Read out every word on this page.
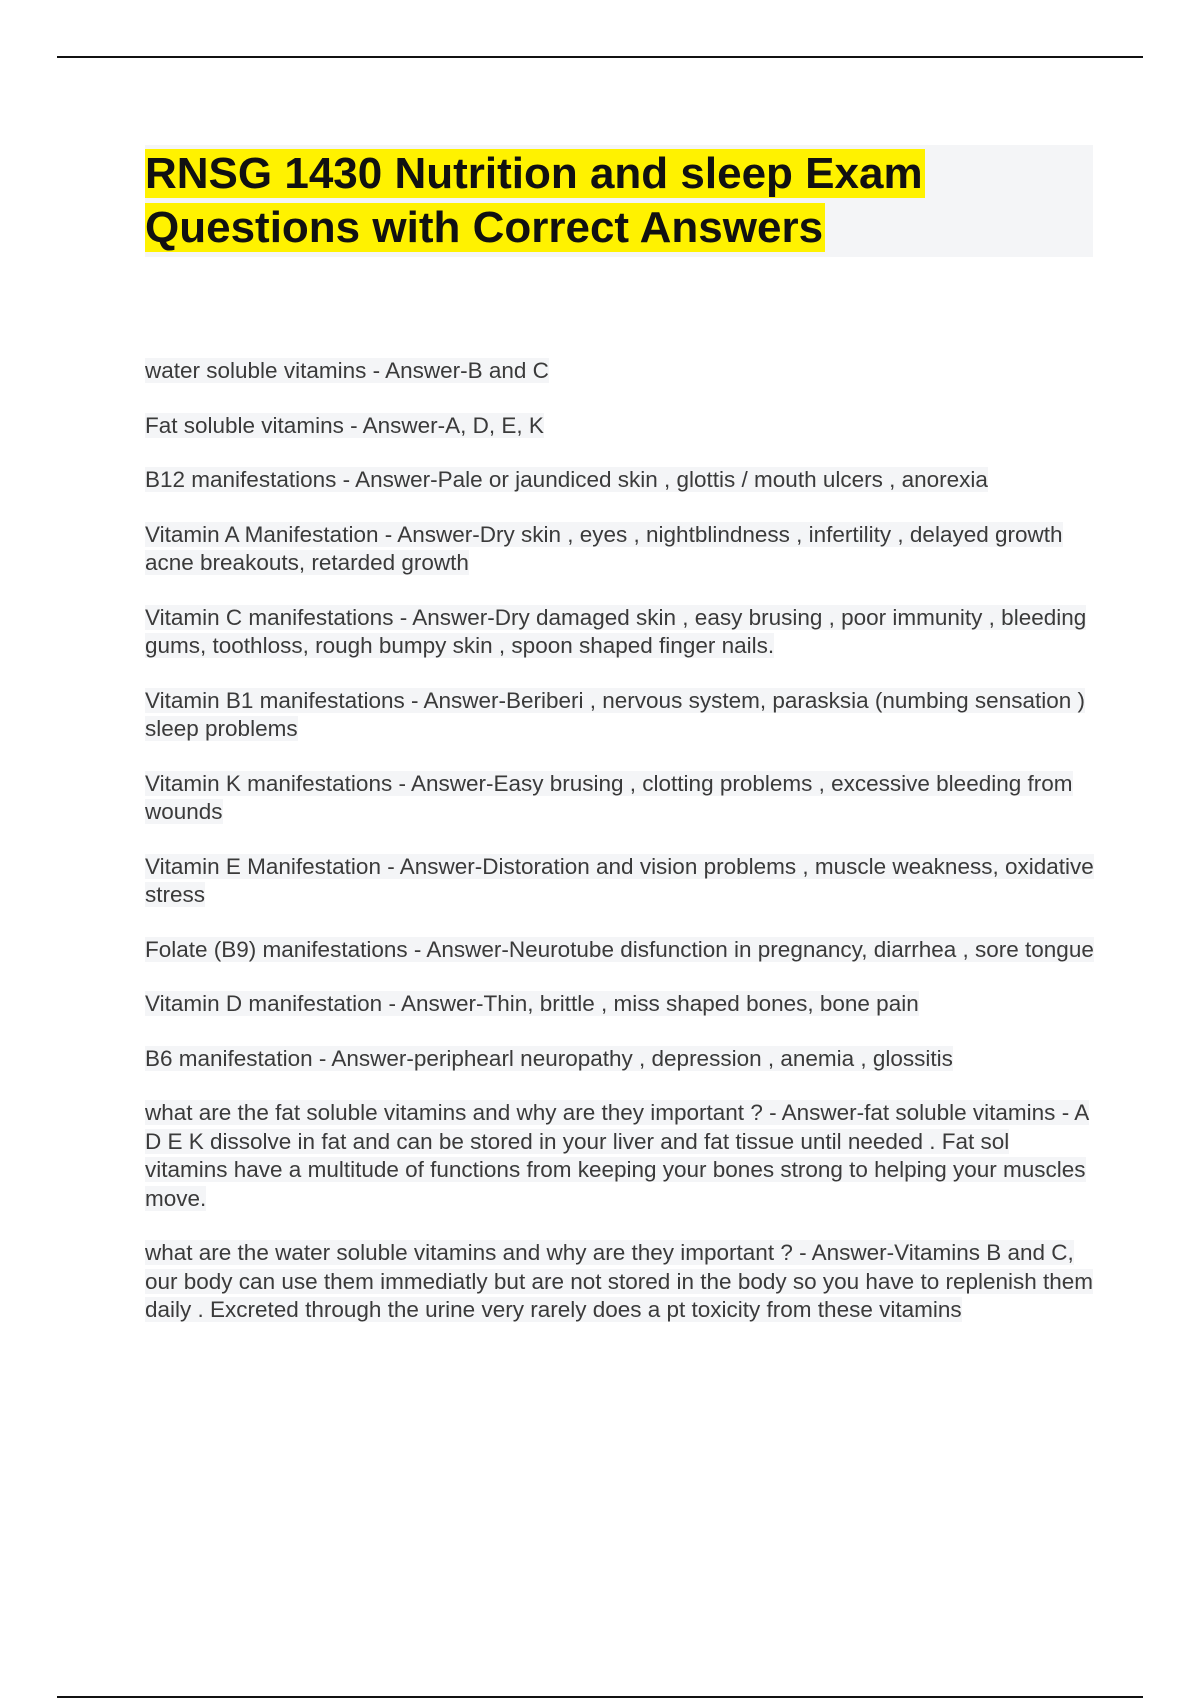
RNSG 1430 Nutrition and sleep Exam Questions with Correct Answers
water soluble vitamins - Answer-B and C
Fat soluble vitamins - Answer-A, D, E, K
B12 manifestations - Answer-Pale or jaundiced skin , glottis / mouth ulcers , anorexia
Vitamin A Manifestation - Answer-Dry skin , eyes , nightblindness , infertility , delayed growth acne breakouts, retarded growth
Vitamin C manifestations - Answer-Dry damaged skin , easy brusing , poor immunity , bleeding gums, toothloss, rough bumpy skin , spoon shaped finger nails.
Vitamin B1 manifestations - Answer-Beriberi , nervous system, parasksia (numbing sensation ) sleep problems
Vitamin K manifestations - Answer-Easy brusing , clotting problems , excessive bleeding from wounds
Vitamin E Manifestation - Answer-Distoration and vision problems , muscle weakness, oxidative stress
Folate (B9) manifestations - Answer-Neurotube disfunction in pregnancy, diarrhea , sore tongue
Vitamin D manifestation - Answer-Thin, brittle , miss shaped bones, bone pain
B6 manifestation - Answer-periphearl neuropathy , depression , anemia , glossitis
what are the fat soluble vitamins and why are they important ? - Answer-fat soluble vitamins - A D E K dissolve in fat and can be stored in your liver and fat tissue until needed . Fat sol vitamins have a multitude of functions from keeping your bones strong to helping your muscles move.
what are the water soluble vitamins and why are they important ? - Answer-Vitamins B and C, our body can use them immediatly but are not stored in the body so you have to replenish them daily . Excreted through the urine very rarely does a pt toxicity from these vitamins
